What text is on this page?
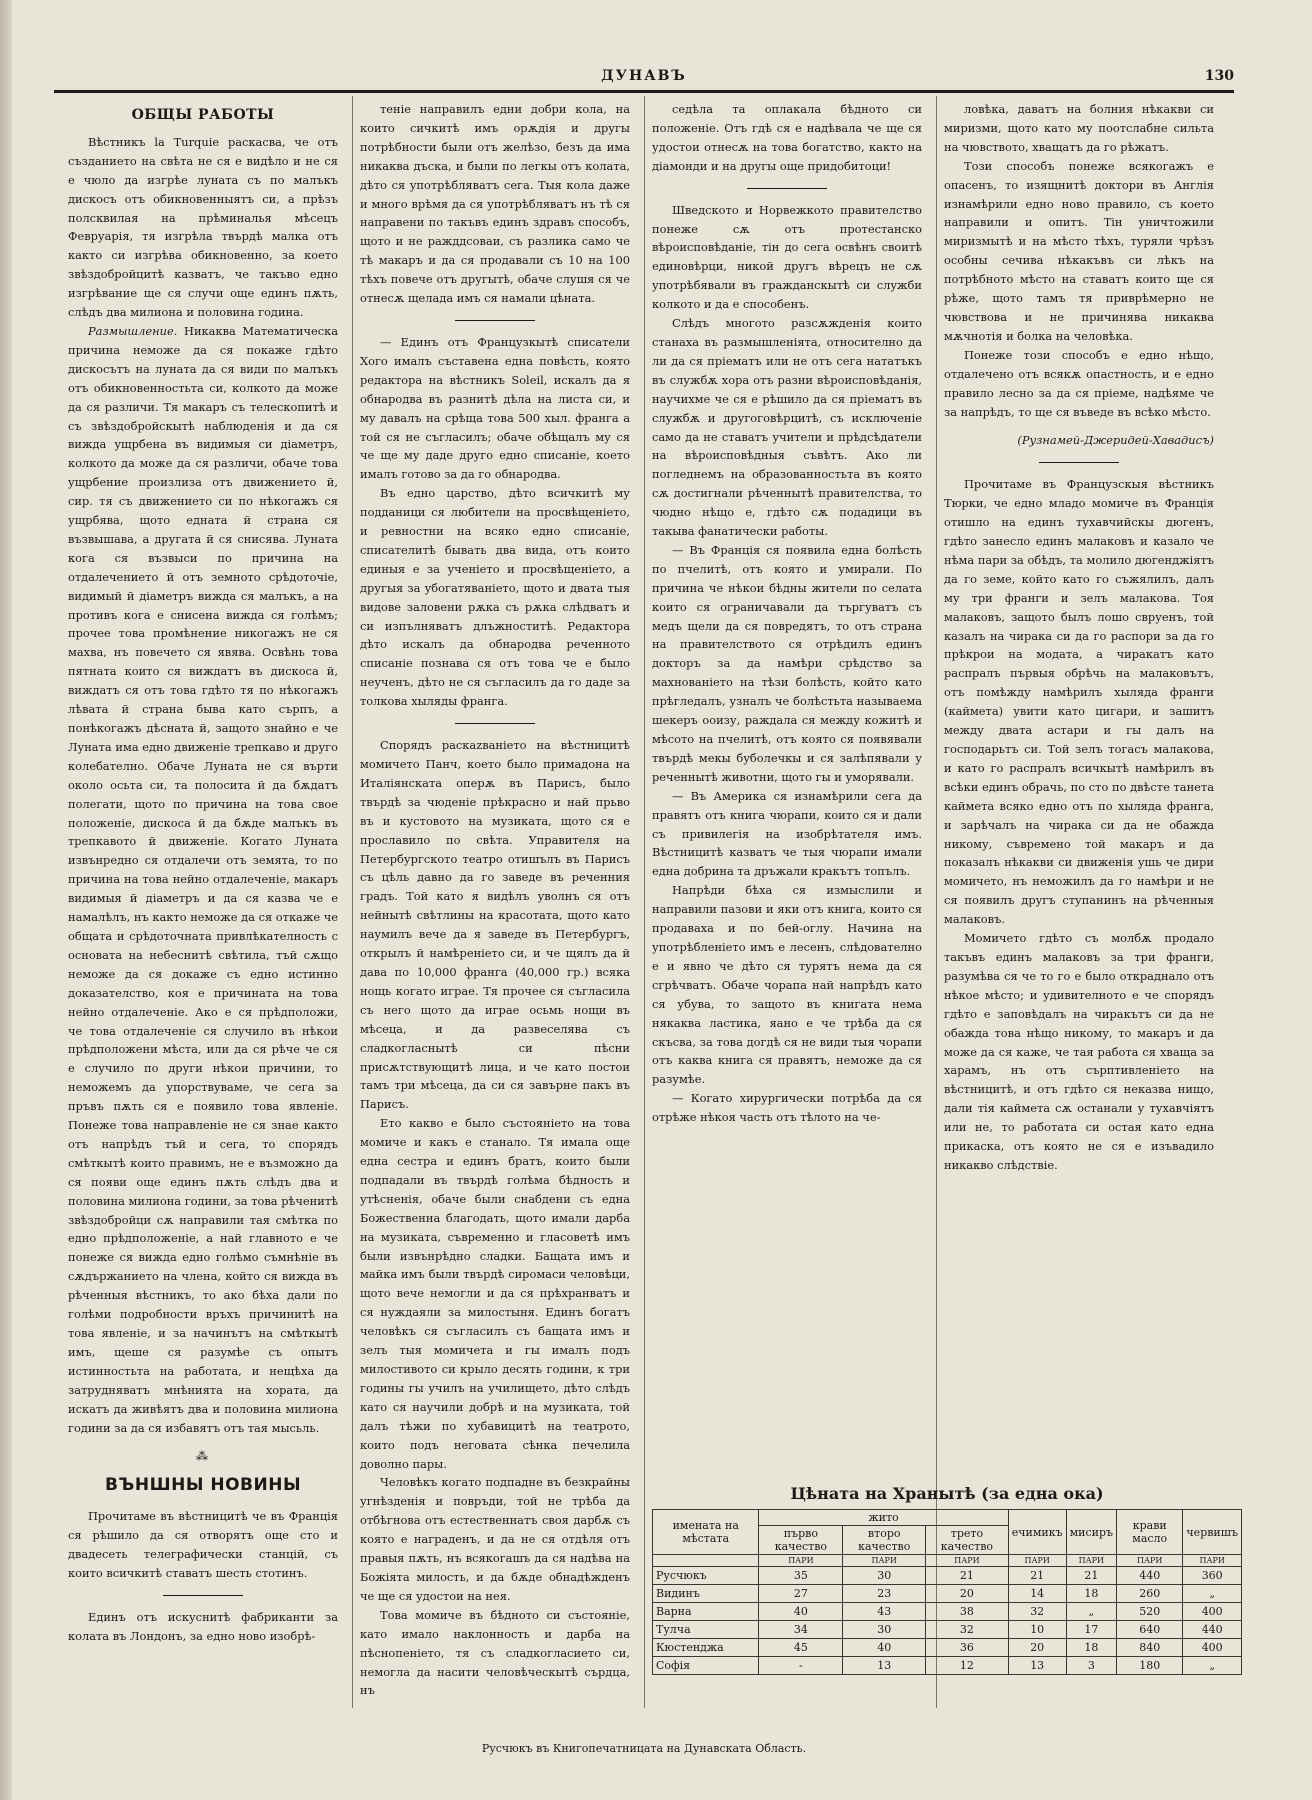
ДУНАВЪ	130
ОБЩЫ РАБОТЫ

Вѣстникъ la Turquie раскасва, че отъ създанието на свѣта не ся е видѣло и не ся е чюло да изгрѣе луната съ по малъкъ дискосъ отъ обикновенныятъ си, а прѣзъ полсквилая на прѣминалья мѣсецъ Февруарія, тя изгрѣла твърдѣ малка отъ както си изгрѣва обикновенно, за което звѣздобройцитѣ казватъ, че такъво едно изгрѣвание ще ся случи още единъ пѫть, слѣдъ два милиона и половина година.

Размышление. Никаква Математическа причина неможе да ся покаже гдѣто дискосътъ на луната да ся види по малъкъ отъ обикновенностьта си, колкото да може да ся различи. Тя макаръ съ телескопитѣ и съ звѣздобройскытѣ наблюденія и да ся вижда ущрбена въ видимыя си діаметръ, колкото да може да ся различи, обаче това ущрбение произлиза отъ движението й, сир. тя съ движението си по нѣкогажъ ся ущрбява, щото едната й страна ся възвышава, а другата й ся снисява. Луната кога ся възвыси по причина на отдалечението й отъ земното срѣдоточіе, видимый й діаметръ вижда ся малъкъ, а на противъ кога е снисена вижда ся голѣмъ; прочее това промѣнение никогажъ не ся махва, нъ повечето ся явява. Освѣнь това пятната които ся виждатъ въ дискоса й, виждатъ ся отъ това гдѣто тя по нѣкогажъ лѣвата й страна быва като сърпъ, а понѣкогажъ дѣсната й, защото знайно е че Луната има едно движеніе трепкаво и друго колебателно. Обаче Луната не ся върти около осьта си, та полосита й да бѫдатъ полегати, щото по причина на това свое положеніе, дискоса й да бѫде малъкъ въ трепкавото й движеніе. Когато Луната извънредно ся отдалечи отъ земята, то по причина на това нейно отдалеченіе, макаръ видимыя й діаметръ и да ся казва че е намалѣлъ, нъ както неможе да ся откаже че общата и срѣдоточната привлѣкателность с основата на небеснитѣ свѣтила, тъй сѫщо неможе да ся докаже съ едно истинно доказателство, коя е причината на това нейно отдалеченіе. Ако е ся прѣдположи, че това отдалеченіе ся случило въ нѣкои прѣдположени мѣста, или да ся рѣче че ся е случило по други нѣкои причини, то неможемъ да упорствуваме, че сега за пръвъ пѫть ся е появило това явленіе. Понеже това направленіе не ся знае както отъ напрѣдъ тъй и сега, то спорядъ смѣткытѣ които правимъ, не е възможно да ся появи още единъ пѫть слѣдъ два и половина милиона години, за това рѣченитѣ звѣздобройци сѫ направили тая смѣтка по едно прѣдположеніе, а най главното е че понеже ся вижда едно голѣмо съмнѣніе въ сѫдържанието на члена, който ся вижда въ рѣченныя вѣстникъ, то ако бѣха дали по голѣми подробности връхъ причинитѣ на това явленіе, и за начинътъ на смѣткытѣ имъ, щеше ся разумѣе съ опытъ истинностьта на работата, и нещѣха да затрудняватъ мнѣнията на хората, да искатъ да живѣятъ два и половина милиона години за да ся избавятъ отъ тая мысьль.

⁂
ВЪНШНЫ НОВИНЫ

Прочитаме въ вѣстницитѣ че въ Франція ся рѣшило да ся отворятъ още сто и двадесеть телеграфически станцій, съ които всичкитѣ ставатъ шесть стотинъ.

Единъ отъ искуснитѣ фабриканти за колата въ Лондонъ, за едно ново изобрѣ-

теніе направилъ едни добри кола, на които сичкитѣ имъ орѫдія и другы потрѣбности были отъ желѣзо, безъ да има никаква дъска, и были по легкы отъ колата, дѣто ся употрѣбляватъ сега. Тыя кола даже и много врѣмя да ся употрѣбляватъ нъ тѣ ся направени по такъвъ единъ здравъ способъ, щото и не ражддсоваи, съ разлика само че тѣ макаръ и да ся продавали съ 10 на 100 тѣхъ повече отъ другытѣ, обаче слушя ся че отнесѫ щелада имъ ся намали цѣната.

— Единъ отъ Французкытѣ списатели Хого ималъ съставена една повѣсть, която редактора на вѣстникъ Soleil, искалъ да я обнародва въ разнитѣ дѣла на листа си, и му давалъ на срѣща това 500 хыл. франга а той ся не съгласилъ; обаче обѣщалъ му ся че ще му даде друго едно списаніе, което ималъ готово за да го обнародва.

Въ едно царство, дѣто всичкитѣ му подданици ся любители на просвѣщеніето, и ревностни на всяко едно списаніе, списателитѣ бывать два вида, отъ които единыя е за ученіето и просвѣщеніето, а другыя за убогатяваніето, щото и двата тыя видове заловени рѫка съ рѫка слѣдватъ и си изпълняватъ длъжноститѣ. Редактора дѣто искалъ да обнародва реченното списаніе познава ся отъ това че е было неученъ, дѣто не ся съгласилъ да го даде за толкова хыляды франга.

Спорядъ раскazваніето на вѣстницитѣ момичето Панч, което было примадона на Италіянската оперѫ въ Парисъ, было твърдѣ за чюденіе прѣкрасно и най прьво въ и кустовото на музиката, щото ся е прославило по свѣта. Управителя на Петербургското театро отишълъ въ Парисъ съ цѣль давно да го заведе въ реченния градъ. Той като я видѣлъ уволнъ ся отъ нейнытѣ свѣтлины на красотата, щото като наумилъ вече да я заведе въ Петербургъ, открылъ й намѣреніето си, и че щялъ да й дава по 10,000 франга (40,000 гр.) всяка нощь когато играе. Тя прочее ся съгласила съ него щото да играе осьмь нощи въ мѣсеца, и да развеселява съ сладкогласнытѣ си пѣсни присѫтствующитѣ лица, и че като постои тамъ три мѣсеца, да си ся завърне пакъ въ Парисъ.

Ето какво е было състояніето на това момиче и какъ е станало. Тя имала още една сестра и единъ братъ, които были подпадали въ твърдѣ голѣма бѣдность и утѣсненія, обаче были снабдени съ една Божественна благодать, щото имали дарба на музиката, съвременно и гласоветѣ имъ были извънрѣдно сладки. Бащата имъ и майка имъ были твърдѣ сиромаси человѣци, щото вече немогли и да ся прѣхранватъ и ся нуждаяли за милостыня. Единъ богатъ человѣкъ ся съгласилъ съ бащата имъ и зелъ тыя момичета и гы ималъ подъ милостивото си крыло десять години, к три годины гы училъ на училището, дѣто слѣдъ като ся научили добрѣ и на музиката, той далъ тѣжи по хубавицитѣ на театрото, които подъ неговата сѣнка печелила доволно пары.

Человѣкъ когато подпадне въ безкрайны угнѣзденія и повръди, той не трѣба да отбѣгнова отъ естественнатъ своя дарбѫ съ която е награденъ, и да не ся отдѣля отъ правыя пѫть, нъ всякогашъ да ся надѣва на Божіята милость, и да бѫде обнадѣжденъ че ще ся удостои на нея.

Това момиче въ бѣдното си състояніе, като имало наклонность и дарба на пѣснопеніето, тя съ сладкогласието си, немогла да насити человѣческытѣ сърдца, нъ

седѣла та оплакала бѣдното си положеніе. Отъ гдѣ ся е надѣвала че ще ся удостои отнесѫ на това богатство, както на діамонди и на другы още придобитоци!

Шведското и Норвежкото правителство понеже сѫ отъ протестанско вѣроисповѣданіе, тін до сега освѣнъ своитѣ единовѣрци, никой другъ вѣрецъ не сѫ употрѣбявали въ гражданскытѣ си служби колкото и да е способенъ.

Слѣдъ многото разсѫжденія които станаха въ размышленіята, относително да ли да ся пріематъ или не отъ сега нататъкъ въ службѫ хора отъ разни вѣроисповѣданія, научихме че ся е рѣшило да ся пріематъ въ службѫ и другоговѣрцитѣ, съ исключеніе само да не ставатъ учители и прѣдсѣдатели на вѣроисповѣдныя съвѣтъ. Ако ли погледнемъ на образованностьта въ която сѫ достигнали рѣченнытѣ правителства, то чюдно нѣщо е, гдѣто сѫ подадици въ такыва фанатически работы.

— Въ Франція ся появила една болѣсть по пчелитѣ, отъ която и умирали. По причина че нѣкои бѣдны жители по селата които ся ограничавали да търгуватъ съ медъ щели да ся повредятъ, то отъ страна на правителството ся отрѣдилъ единъ докторъ за да намѣри срѣдство за махнованіето на тѣзи болѣсть, който като прѣгледалъ, узналъ че болѣстьта называема шекеръ ооизу, раждала ся между кожитѣ и мѣсото на пчелитѣ, отъ която ся появявали твърдѣ мекы буболечкы и ся залѣпявали у реченнытѣ животни, щото гы и уморявали.

— Въ Америка ся изнамѣрили сега да правятъ отъ книга чюрапи, които ся и дали съ привилегія на изобрѣтателя имъ. Вѣстницитѣ казватъ че тыя чюрапи имали една добрина та дръжали кракътъ топълъ.

Напрѣди бѣха ся измыслили и направили пазови и яки отъ книга, които ся продаваха и по бей-оглу. Начина на употрѣбленіето имъ е лесенъ, слѣдователно е и явно че дѣто ся турятъ нема да ся сгрѣчватъ. Обаче чорапа най напрѣдъ като ся убува, то защото въ книгата нема някаква ластика, яано е че трѣба да ся скъсва, за това догдѣ ся не види тыя чорапи отъ каква книга ся правятъ, неможе да ся разумѣе.

— Когато хирургически потрѣба да ся отрѣже нѣкоя часть отъ тѣлото на че-

ловѣка, даватъ на болния нѣкакви си миризми, щото като му поотслабне сильта на чювството, хващатъ да го рѣжатъ.

Този способъ понеже всякогажъ е опасенъ, то изящнитѣ доктори въ Англія изнамѣрили едно ново правило, съ което направили и опитъ. Тін уничтожили миризмытѣ и на мѣсто тѣхъ, туряли чрѣзъ особны сечива нѣкакъвъ си лѣкъ на потрѣбното мѣсто на ставатъ които ще ся рѣже, щото тамъ тя приврѣмерно не чювствова и не причинява никаква мѫчнотія и болка на человѣка.

Понеже този способъ е едно нѣщо, отдалечено отъ всякѫ опастность, и е едно правило лесно за да ся пріеме, надѣяме че за напрѣдъ, то ще ся въведе въ всѣко мѣсто.

(Рузнамей-Джеридей-Хавадисъ)

Прочитаме въ Французскыя вѣстникъ Тюрки, че едно младо момиче въ Франція отишло на единъ тухавчийскы дюгенъ, гдѣто занесло единъ малаковъ и казало че нѣма пари за обѣдъ, та молило дюгенджіятъ да го земе, който като го съжялилъ, далъ му три франги и зелъ малакова. Тоя малаковъ, защото былъ лошо свруенъ, той казалъ на чирака си да го распори за да го прѣкрои на модата, а чиракатъ като распралъ първыя обрѣчь на малаковътъ, отъ помѣжду намѣрилъ хыляда франги (каймета) увити като цигари, и зашитъ между двата астари и гы далъ на господарьтъ си. Той зелъ тогасъ малакова, и като го распралъ всичкытѣ намѣрилъ въ всѣки единъ обрачь, по сто по двѣсте танета каймета всяко едно отъ по хыляда франга, и зарѣчалъ на чирака си да не обажда никому, съвремено той макаръ и да показалъ нѣкакви си движенія ушь че дири момичето, нъ неможилъ да го намѣри и не ся появилъ другъ ступанинъ на рѣченныя малаковъ.

Момичето гдѣто съ молбѫ продало такъвъ единъ малаковъ за три франги, разумѣва ся че то го е было откраднало отъ нѣкое мѣсто; и удивителното е че спорядъ гдѣто е заповѣдалъ на чиракътъ си да не обажда това нѣщо никому, то макаръ и да може да ся каже, че тая работа ся хваща за харамъ, нъ отъ сърптивленіето на вѣстницитѣ, и отъ гдѣто ся неказва нищо, дали тія каймета сѫ останали у тухавчіятъ или не, то работата си остая като една прикаска, отъ която не ся е изъвадило никакво слѣдствіе.

Цѣната на Хранытѣ (за една ока)
имената на мѣстата	жито			ечимикъ	мисиръ	крави масло	червишъ
	първо качество	второ качество	трето качество				
	ПАРИ	ПАРИ	ПАРИ	ПАРИ	ПАРИ	ПАРИ	ПАРИ
Русчюкъ	35	30	21	21	21	440	360
Видинъ	27	23	20	14	18	260	„
Варна	40	43	38	32	„	520	400
Тулча	34	30	32	10	17	640	440
Кюстенджа	45	40	36	20	18	840	400
Софія	-	13	12	13	3	180	„
Русчюкъ въ Книгопечатницата на Дунавската Область.
